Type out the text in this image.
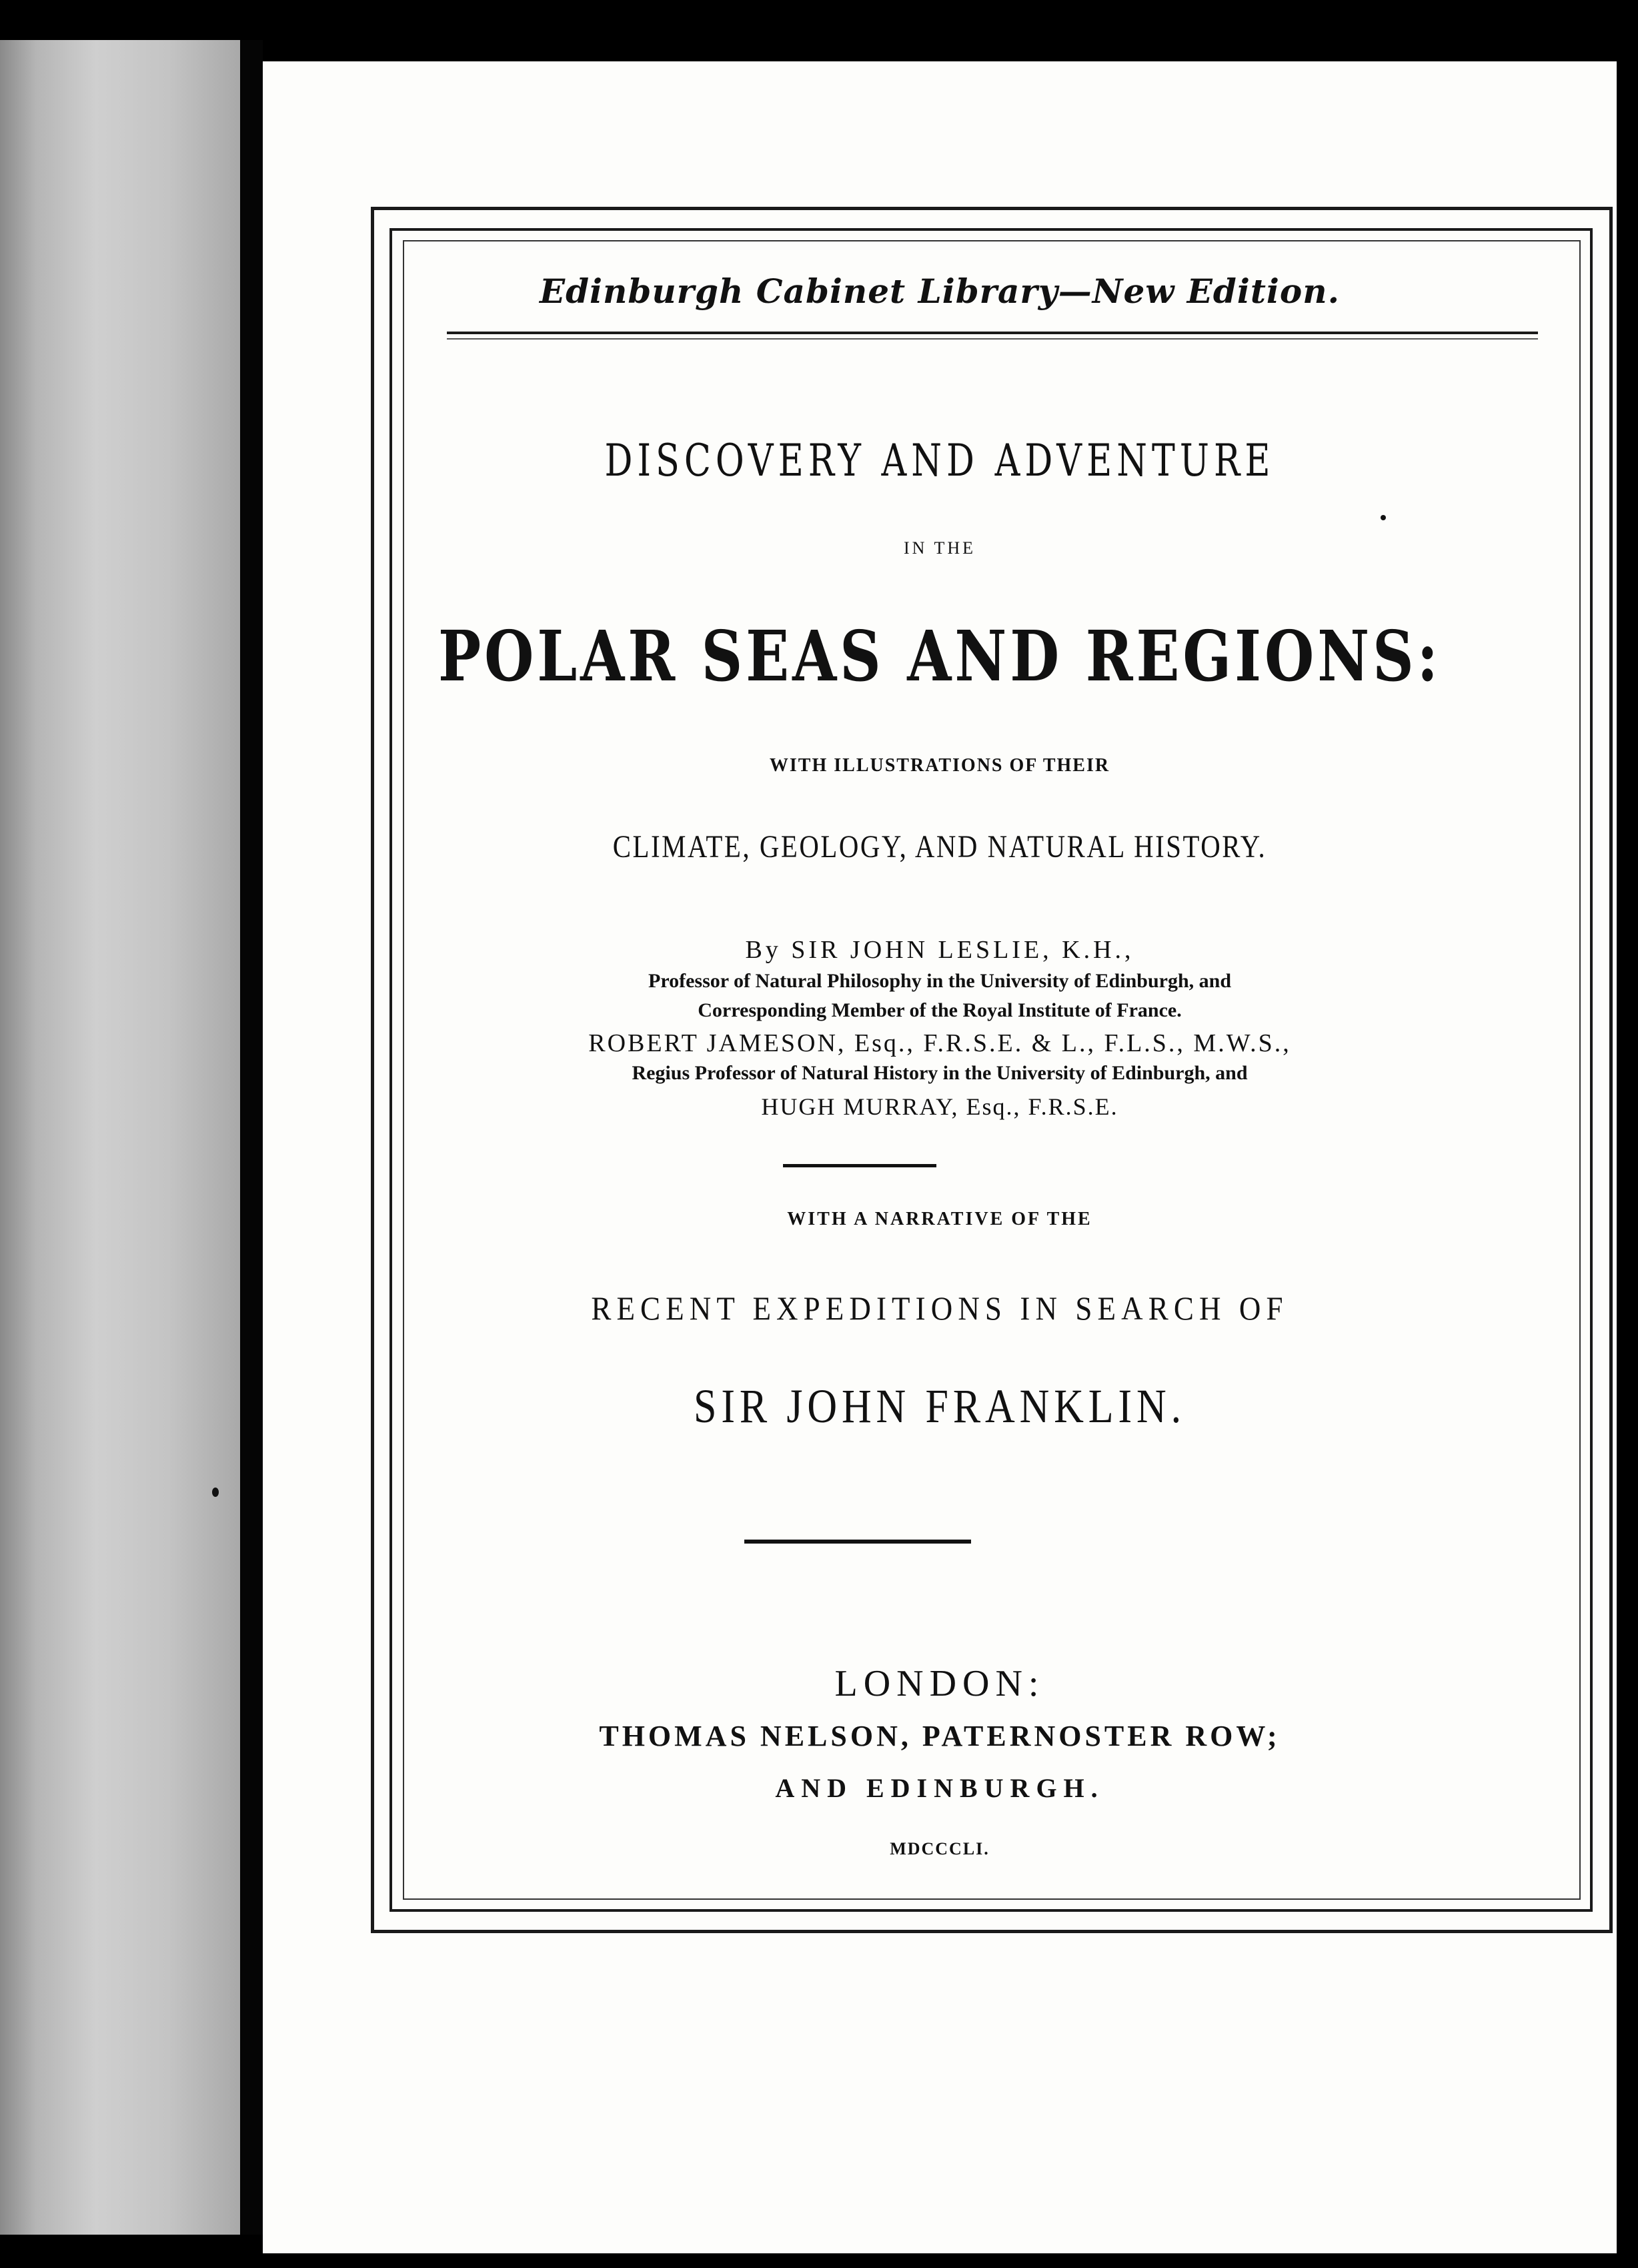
Edinburgh Cabinet Library—New Edition.
DISCOVERY AND ADVENTURE
IN THE
POLAR SEAS AND REGIONS:
WITH ILLUSTRATIONS OF THEIR
CLIMATE, GEOLOGY, AND NATURAL HISTORY.
By SIR JOHN LESLIE, K.H.,
Professor of Natural Philosophy in the University of Edinburgh, and
Corresponding Member of the Royal Institute of France.
ROBERT JAMESON, Esq., F.R.S.E. & L., F.L.S., M.W.S.,
Regius Professor of Natural History in the University of Edinburgh, and
HUGH MURRAY, Esq., F.R.S.E.
WITH A NARRATIVE OF THE
RECENT EXPEDITIONS IN SEARCH OF
SIR JOHN FRANKLIN.
LONDON:
THOMAS NELSON, PATERNOSTER ROW;
AND EDINBURGH.
MDCCCLI.
